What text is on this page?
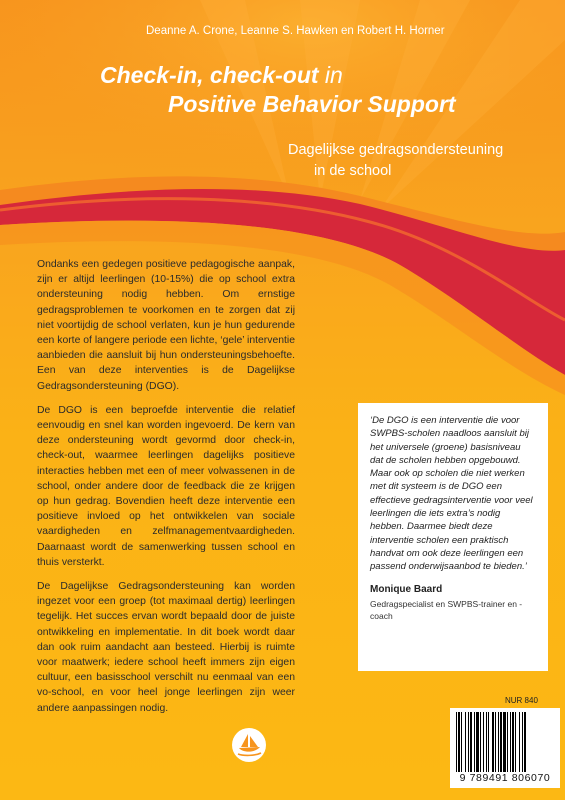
Deanne A. Crone, Leanne S. Hawken en Robert H. Horner
Check-in, check-out in
Positive Behavior Support
Dagelijkse gedragsondersteuning
in de school

Ondanks een gedegen positieve pedagogische aanpak, zijn er altijd leerlingen (10-15%) die op school extra ondersteuning nodig hebben. Om ernstige gedragsproblemen te voorkomen en te zorgen dat zij niet voortijdig de school verlaten, kun je hun gedurende een korte of langere periode een lichte, ‘gele’ interventie aanbieden die aansluit bij hun ondersteuningsbehoefte. Een van deze interventies is de Dagelijkse Gedragsondersteuning (DGO).

De DGO is een beproefde interventie die relatief eenvoudig en snel kan worden ingevoerd. De kern van deze ondersteuning wordt gevormd door check-in, check-out, waarmee leerlingen dagelijks positieve interacties hebben met een of meer volwassenen in de school, onder andere door de feedback die ze krijgen op hun gedrag. Bovendien heeft deze interventie een positieve invloed op het ontwikkelen van sociale vaardigheden en zelfmanagementvaardigheden. Daarnaast wordt de samenwerking tussen school en thuis versterkt.

De Dagelijkse Gedragsondersteuning kan worden ingezet voor een groep (tot maximaal dertig) leerlingen tegelijk. Het succes ervan wordt bepaald door de juiste ontwikkeling en implementatie. In dit boek wordt daar dan ook ruim aandacht aan besteed. Hierbij is ruimte voor maatwerk; iedere school heeft immers zijn eigen cultuur, een basisschool verschilt nu eenmaal van een vo-school, en voor heel jonge leerlingen zijn weer andere aanpassingen nodig.

‘De DGO is een interventie die voor SWPBS-scholen naadloos aansluit bij het universele (groene) basisniveau dat de scholen hebben opgebouwd. Maar ook op scholen die niet werken met dit systeem is de DGO een effectieve gedragsinterventie voor veel leerlingen die iets extra’s nodig hebben. Daarmee biedt deze interventie scholen een praktisch handvat om ook deze leerlingen een passend onderwijsaanbod te bieden.’
Monique Baard
Gedragspecialist en SWPBS-trainer en -coach
NUR 840
9 789491 806070
